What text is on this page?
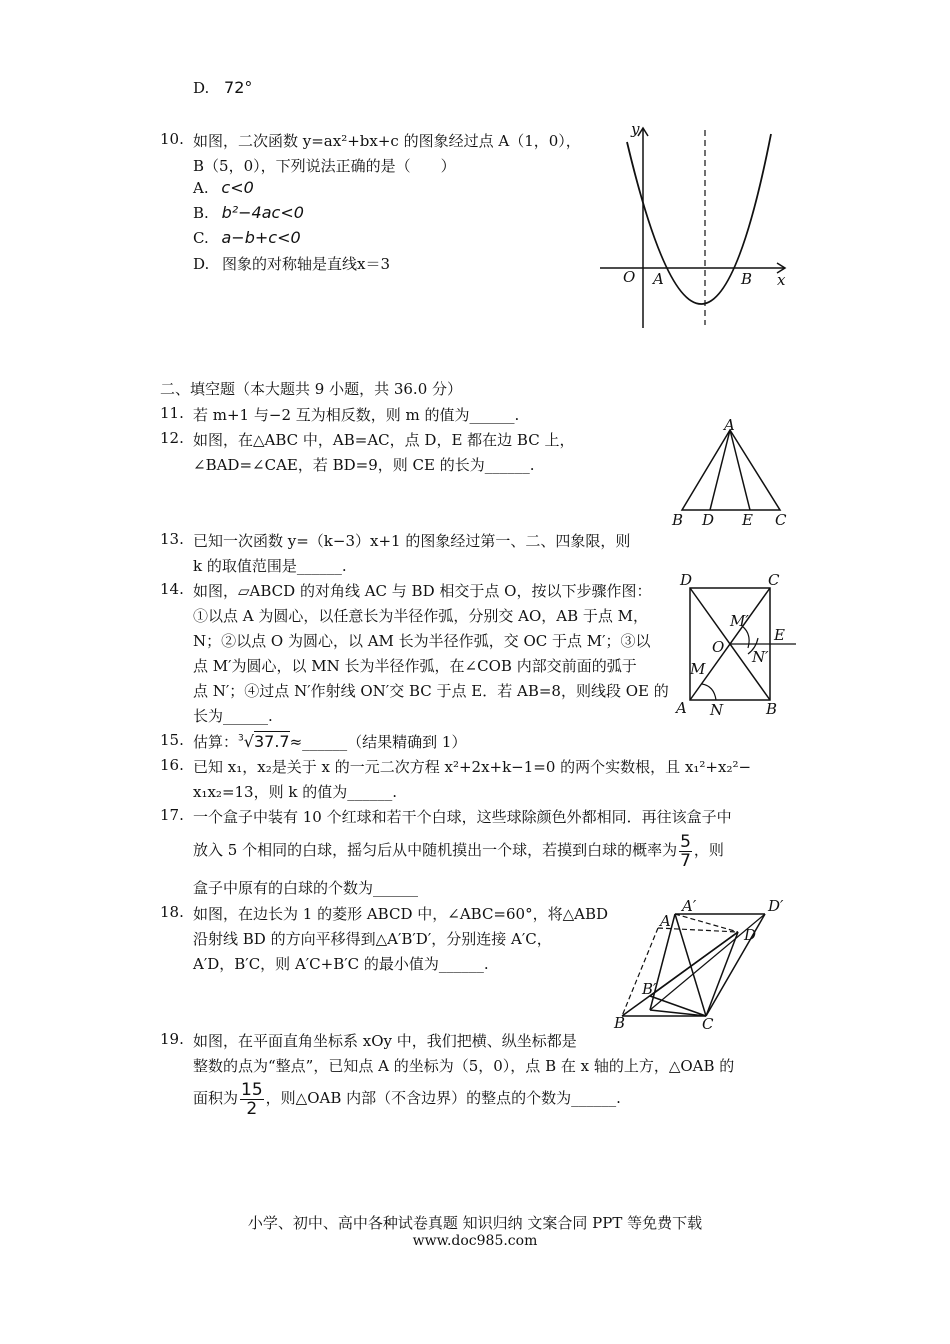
D. 72°
10. 如图，二次函数 y=ax²+bx+c 的图象经过点 A（1，0），
B（5，0），下列说法正确的是（　　）
A. c<0
B. b²−4ac<0
C. a−b+c<0
D. 图象的对称轴是直线x＝3
y
x
O A	B
二、填空题（本大题共 9 小题，共 36.0 分）
11. 若 m+1 与−2 互为相反数，则 m 的值为______.
12. 如图，在△ABC 中，AB=AC，点 D，E 都在边 BC 上，
∠BAD=∠CAE，若 BD=9，则 CE 的长为______.
A
B D E C
13. 已知一次函数 y=（k−3）x+1 的图象经过第一、二、四象限，则
k 的取值范围是______.
14. 如图，▱ABCD 的对角线 AC 与 BD 相交于点 O，按以下步骤作图：
①以点 A 为圆心，以任意长为半径作弧，分别交 AO，AB 于点 M，
N；②以点 O 为圆心，以 AM 长为半径作弧，交 OC 于点 M′；③以
点 M′为圆心，以 MN 长为半径作弧，在∠COB 内部交前面的弧于
点 N′；④过点 N′作射线 ON′交 BC 于点 E．若 AB=8，则线段 OE 的
长为______.
D	C
M′
O
E
N′
M
A N	B
15. 估算：$^3$√37.7≈______（结果精确到 1）
16. 已知 x₁，x₂是关于 x 的一元二次方程 x²+2x+k−1=0 的两个实数根，且 x₁²+x₂²−
x₁x₂=13，则 k 的值为______.
17. 一个盒子中装有 10 个红球和若干个白球，这些球除颜色外都相同．再往该盒子中
放入 5 个相同的白球，摇匀后从中随机摸出一个球，若摸到白球的概率为 $\frac{5}{7}$ ，则
盒子中原有的白球的个数为______
18. 如图，在边长为 1 的菱形 ABCD 中，∠ABC=60°，将△ABD
沿射线 BD 的方向平移得到△A′B′D′，分别连接 A′C，
A′D，B′C，则 A′C+B′C 的最小值为______.
A′	D′
A
D
B′
B	C
19. 如图，在平面直角坐标系 xOy 中，我们把横、纵坐标都是
整数的点为“整点”，已知点 A 的坐标为（5，0），点 B 在 x 轴的上方，△OAB 的
面积为 $\frac{15}{2}$ ，则△OAB 内部（不含边界）的整点的个数为______.
小学、初中、高中各种试卷真题 知识归纳 文案合同 PPT 等免费下载
www.doc985.com
